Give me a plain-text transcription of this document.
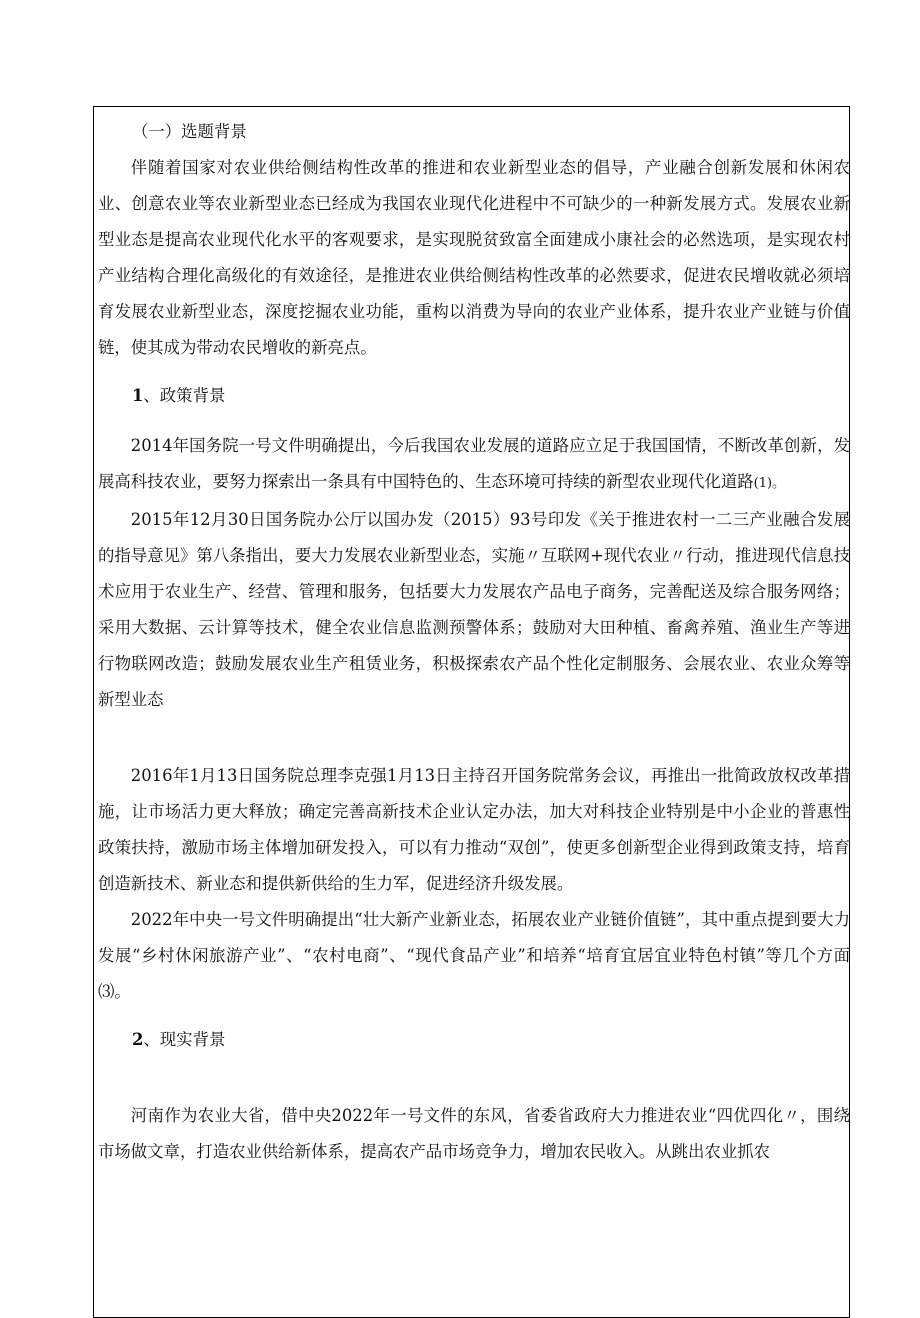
（一）选题背景

伴随着国家对农业供给侧结构性改革的推进和农业新型业态的倡导，产业融合创新发展和休闲农业、创意农业等农业新型业态已经成为我国农业现代化进程中不可缺少的一种新发展方式。发展农业新型业态是提高农业现代化水平的客观要求，是实现脱贫致富全面建成小康社会的必然选项，是实现农村产业结构合理化高级化的有效途径，是推进农业供给侧结构性改革的必然要求，促进农民增收就必须培育发展农业新型业态，深度挖掘农业功能，重构以消费为导向的农业产业体系，提升农业产业链与价值链，使其成为带动农民增收的新亮点。

1、政策背景

2014年国务院一号文件明确提出，今后我国农业发展的道路应立足于我国国情，不断改革创新，发展高科技农业，要努力探索出一条具有中国特色的、生态环境可持续的新型农业现代化道路(1)。

2015年12月30日国务院办公厅以国办发（2015）93号印发《关于推进农村一二三产业融合发展的指导意见》第八条指出，要大力发展农业新型业态，实施〃互联网+现代农业〃行动，推进现代信息技术应用于农业生产、经营、管理和服务，包括要大力发展农产品电子商务，完善配送及综合服务网络；采用大数据、云计算等技术，健全农业信息监测预警体系；鼓励对大田种植、畜禽养殖、渔业生产等进行物联网改造；鼓励发展农业生产租赁业务，积极探索农产品个性化定制服务、会展农业、农业众筹等新型业态

2016年1月13日国务院总理李克强1月13日主持召开国务院常务会议，再推出一批简政放权改革措施，让市场活力更大释放；确定完善高新技术企业认定办法，加大对科技企业特别是中小企业的普惠性政策扶持，激励市场主体增加研发投入，可以有力推动“双创”，使更多创新型企业得到政策支持，培育创造新技术、新业态和提供新供给的生力军，促进经济升级发展。

2022年中央一号文件明确提出“壮大新产业新业态，拓展农业产业链价值链”，其中重点提到要大力发展“乡村休闲旅游产业”、“农村电商”、“现代食品产业”和培养“培育宜居宜业特色村镇”等几个方面⑶。

2、现实背景

河南作为农业大省，借中央2022年一号文件的东风，省委省政府大力推进农业“四优四化〃，围绕市场做文章，打造农业供给新体系，提高农产品市场竞争力，增加农民收入。从跳出农业抓农
